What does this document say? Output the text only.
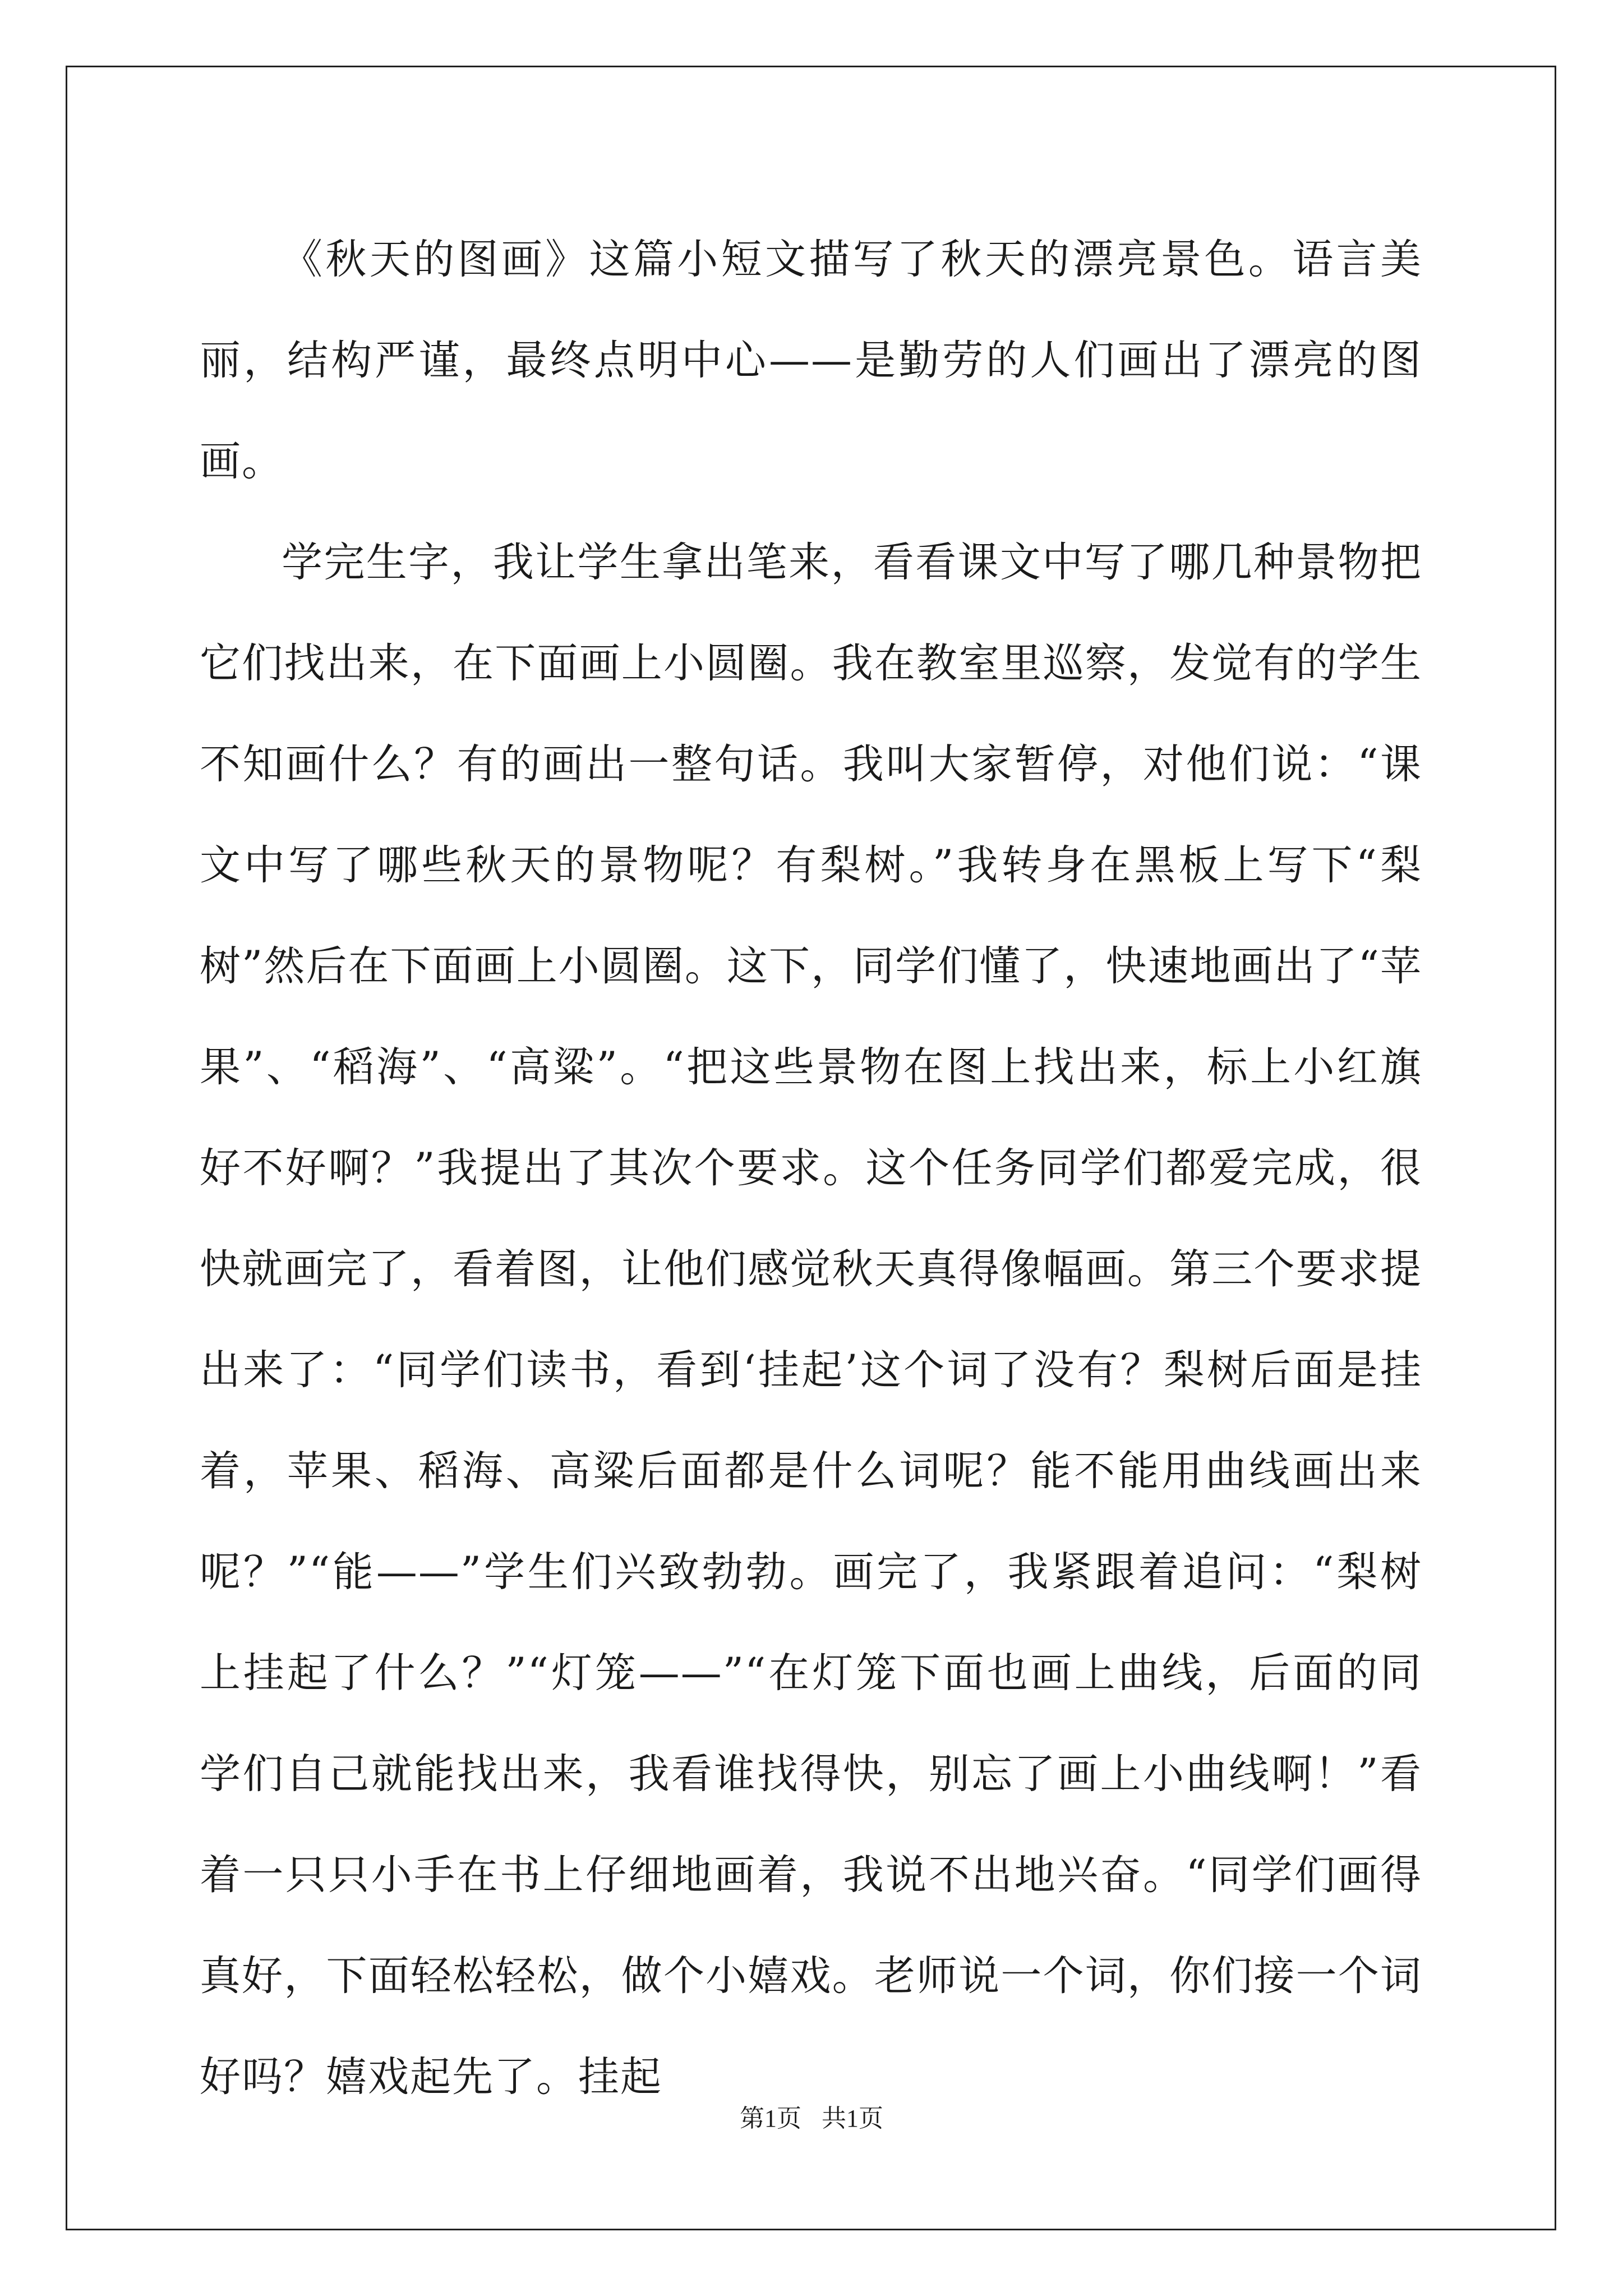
《秋天的图画》这篇小短文描写了秋天的漂亮景色。语言美丽，结构严谨，最终点明中心——是勤劳的人们画出了漂亮的图画。

学完生字，我让学生拿出笔来，看看课文中写了哪几种景物把它们找出来，在下面画上小圆圈。我在教室里巡察，发觉有的学生不知画什么？有的画出一整句话。我叫大家暂停，对他们说：“课文中写了哪些秋天的景物呢？有梨树。”我转身在黑板上写下“梨树”然后在下面画上小圆圈。这下，同学们懂了，快速地画出了“苹果”、“稻海”、“高粱”。“把这些景物在图上找出来，标上小红旗好不好啊？”我提出了其次个要求。这个任务同学们都爱完成，很快就画完了，看着图，让他们感觉秋天真得像幅画。第三个要求提出来了：“同学们读书，看到‘挂起’这个词了没有？梨树后面是挂着，苹果、稻海、高粱后面都是什么词呢？能不能用曲线画出来呢？”“能——”学生们兴致勃勃。画完了，我紧跟着追问：“梨树上挂起了什么？”“灯笼——”“在灯笼下面也画上曲线，后面的同学们自己就能找出来，我看谁找得快，别忘了画上小曲线啊！”看着一只只小手在书上仔细地画着，我说不出地兴奋。“同学们画得真好，下面轻松轻松，做个小嬉戏。老师说一个词，你们接一个词好吗？嬉戏起先了。挂起

第1页 共1页
